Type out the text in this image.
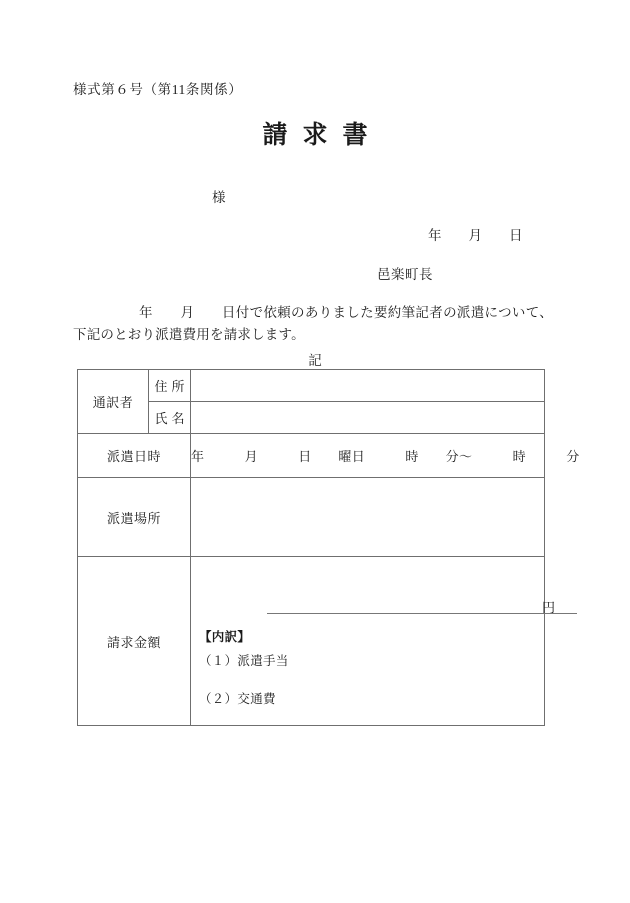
様式第６号（第11条関係）
請求書
様
年　　月　　日
邑楽町長
年　　月　　日付で依頼のありました要約筆記者の派遣について、下記のとおり派遣費用を請求します。
記
通訳者	住所	
	氏名	
派遣日時		年　　　月　　　日　　曜日　　　時　　分～　　　時　　　分
派遣場所		
請求金額		円
【内訳】
（１）派遣手当
（２）交通費
